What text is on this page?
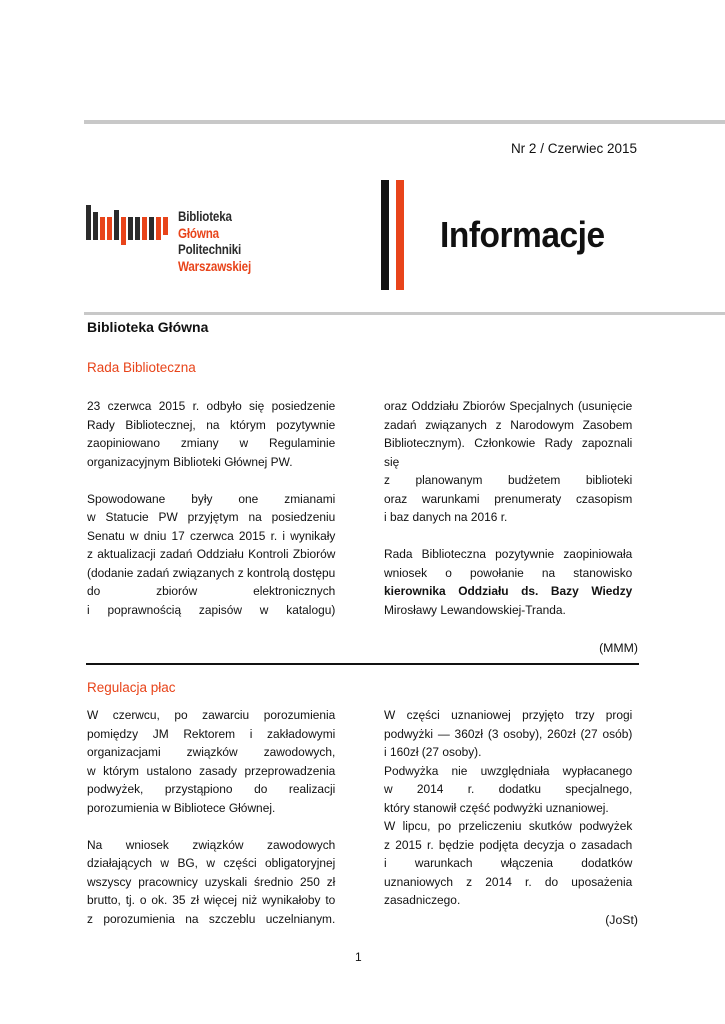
Nr 2 / Czerwiec 2015
Biblioteka
Główna
Politechniki
Warszawskiej
Informacje
Biblioteka Główna
Rada Biblioteczna

23 czerwca 2015 r. odbyło się posiedzenie

Rady Bibliotecznej, na którym pozytywnie

zaopiniowano zmiany w Regulaminie

organizacyjnym Biblioteki Głównej PW.

Spowodowane były one zmianami

w Statucie PW przyjętym na posiedzeniu

Senatu w dniu 17 czerwca 2015 r. i wynikały

z aktualizacji zadań Oddziału Kontroli Zbiorów

(dodanie zadań związanych z kontrolą dostępu

do zbiorów elektronicznych

i poprawnością zapisów w katalogu)

oraz Oddziału Zbiorów Specjalnych (usunięcie

zadań związanych z Narodowym Zasobem

Bibliotecznym). Członkowie Rady zapoznali się

z planowanym budżetem biblioteki

oraz warunkami prenumeraty czasopism

i baz danych na 2016 r.

Rada Biblioteczna pozytywnie zaopiniowała

wniosek o powołanie na stanowisko

kierownika Oddziału ds. Bazy Wiedzy

Mirosławy Lewandowskiej-Tranda.

(MMM)
Regulacja płac

W czerwcu, po zawarciu porozumienia

pomiędzy JM Rektorem i zakładowymi

organizacjami związków zawodowych,

w którym ustalono zasady przeprowadzenia

podwyżek, przystąpiono do realizacji

porozumienia w Bibliotece Głównej.

Na wniosek związków zawodowych

działających w BG, w części obligatoryjnej

wszyscy pracownicy uzyskali średnio 250 zł

brutto, tj. o ok. 35 zł więcej niż wynikałoby to

z porozumienia na szczeblu uczelnianym.

W części uznaniowej przyjęto trzy progi

podwyżki — 360zł (3 osoby), 260zł (27 osób)

i 160zł (27 osoby).

Podwyżka nie uwzględniała wypłacanego

w 2014 r. dodatku specjalnego,

który stanowił część podwyżki uznaniowej.

W lipcu, po przeliczeniu skutków podwyżek

z 2015 r. będzie podjęta decyzja o zasadach

i warunkach włączenia dodatków

uznaniowych z 2014 r. do uposażenia

zasadniczego.

(JoSt)
1
